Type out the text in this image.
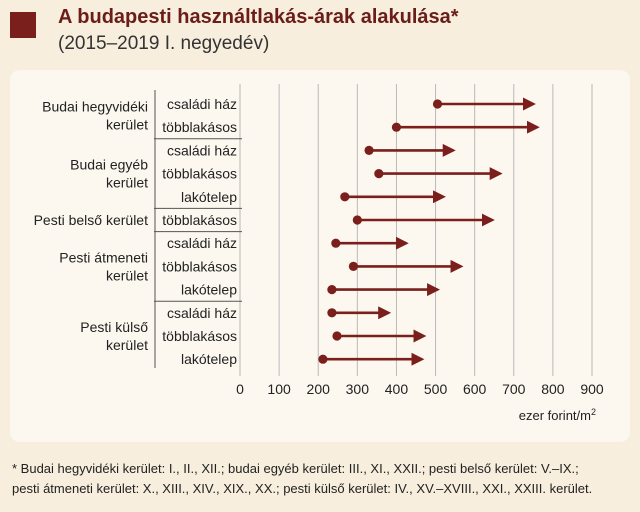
A budapesti használtlakás-árak alakulása*
(2015–2019 I. negyedév)
családi ház
többlakásos
Budai hegyvidéki
kerület
családi ház
többlakásos
lakótelep
Budai egyéb
kerület
többlakásos
Pesti belső kerület
családi ház
többlakásos
lakótelep
Pesti átmeneti
kerület
családi ház
többlakásos
lakótelep
Pesti külső
kerület
0 100 200 300 400 500 600 700 800 900
ezer forint/$m^2$
* Budai hegyvidéki kerület: I., II., XII.; budai egyéb kerület: III., XI., XXII.; pesti belső kerület: V.–IX.;
pesti átmeneti kerület: X., XIII., XIV., XIX., XX.; pesti külső kerület: IV., XV.–XVIII., XXI., XXIII. kerület.
